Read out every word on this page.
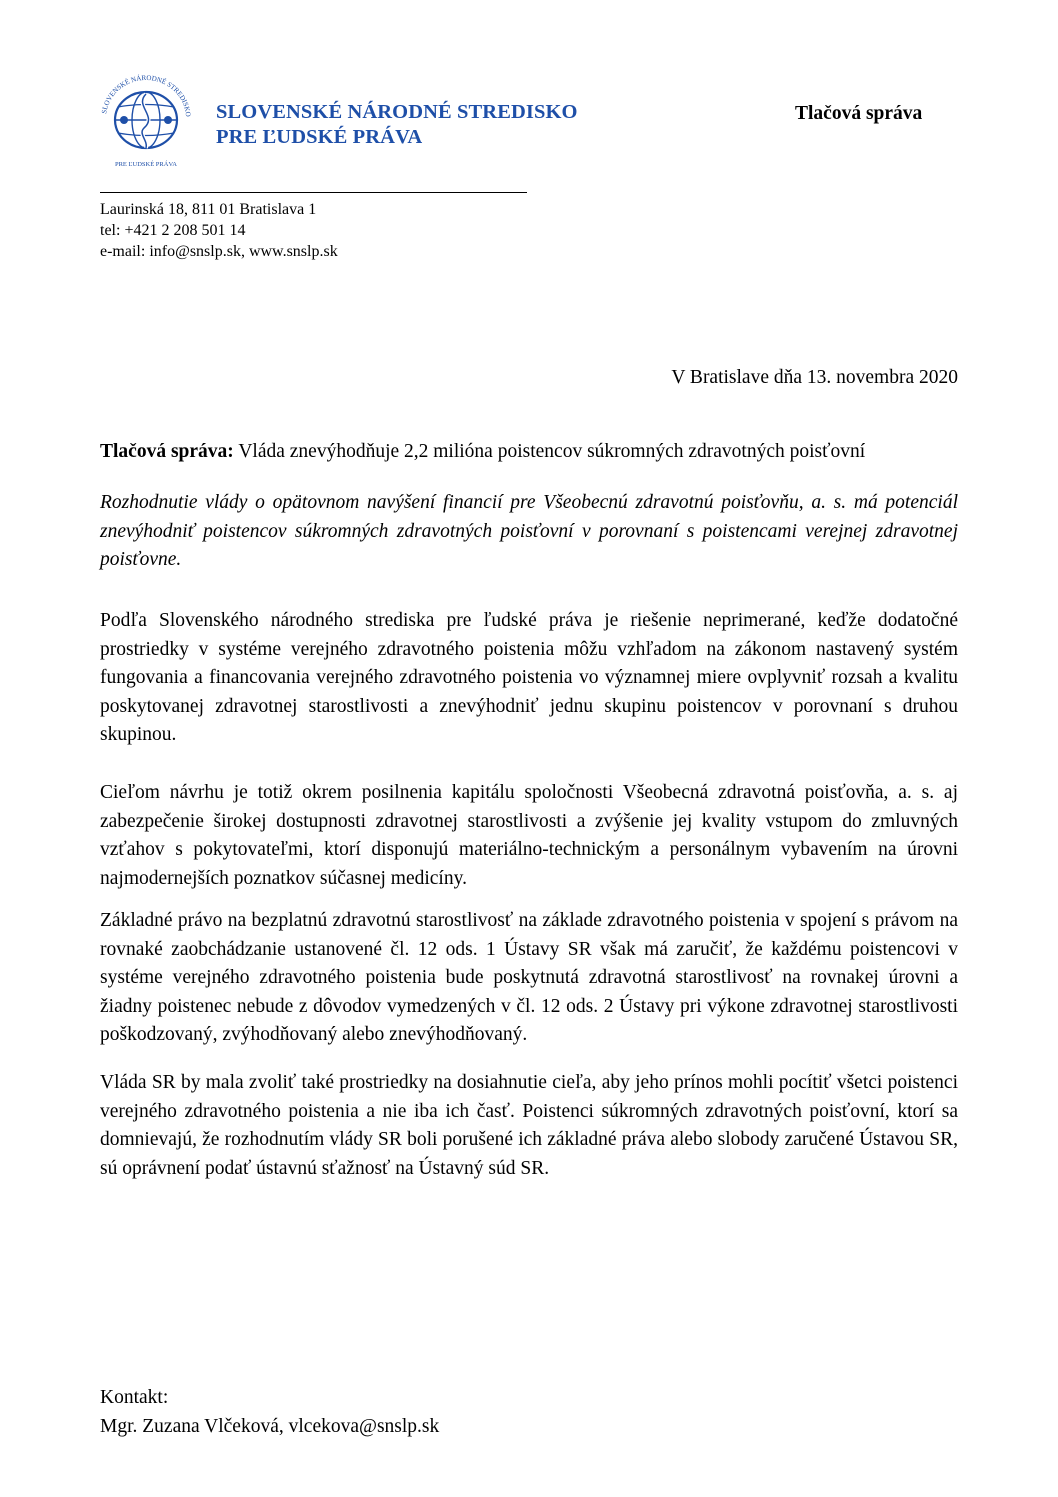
SLOVENSKÉ NÁRODNÉ STREDISKO
PRE ĽUDSKÉ PRÁVA
SLOVENSKÉ NÁRODNÉ STREDISKO
PRE ĽUDSKÉ PRÁVA
Tlačová správa
Laurinská 18, 811 01 Bratislava 1
tel: +421 2 208 501 14
e-mail: info@snslp.sk, www.snslp.sk
V Bratislave dňa 13. novembra 2020
Tlačová správa: Vláda znevýhodňuje 2,2 milióna poistencov súkromných zdravotných poisťovní
Rozhodnutie vlády o opätovnom navýšení financií pre Všeobecnú zdravotnú poisťovňu, a. s. má potenciál znevýhodniť poistencov súkromných zdravotných poisťovní v porovnaní s poistencami verejnej zdravotnej poisťovne.
Podľa Slovenského národného strediska pre ľudské práva je riešenie neprimerané, keďže dodatočné prostriedky v systéme verejného zdravotného poistenia môžu vzhľadom na zákonom nastavený systém fungovania a financovania verejného zdravotného poistenia vo významnej miere ovplyvniť rozsah a kvalitu poskytovanej zdravotnej starostlivosti a znevýhodniť jednu skupinu poistencov v porovnaní s druhou skupinou.
Cieľom návrhu je totiž okrem posilnenia kapitálu spoločnosti Všeobecná zdravotná poisťovňa, a. s. aj zabezpečenie širokej dostupnosti zdravotnej starostlivosti a zvýšenie jej kvality vstupom do zmluvných vzťahov s pokytovateľmi, ktorí disponujú materiálno-technickým a personálnym vybavením na úrovni najmodernejších poznatkov súčasnej medicíny.
Základné právo na bezplatnú zdravotnú starostlivosť na základe zdravotného poistenia v spojení s právom na rovnaké zaobchádzanie ustanovené čl. 12 ods. 1 Ústavy SR však má zaručiť, že každému poistencovi v systéme verejného zdravotného poistenia bude poskytnutá zdravotná starostlivosť na rovnakej úrovni a žiadny poistenec nebude z dôvodov vymedzených v čl. 12 ods. 2 Ústavy pri výkone zdravotnej starostlivosti poškodzovaný, zvýhodňovaný alebo znevýhodňovaný.
Vláda SR by mala zvoliť také prostriedky na dosiahnutie cieľa, aby jeho prínos mohli pocítiť všetci poistenci verejného zdravotného poistenia a nie iba ich časť. Poistenci súkromných zdravotných poisťovní, ktorí sa domnievajú, že rozhodnutím vlády SR boli porušené ich základné práva alebo slobody zaručené Ústavou SR, sú oprávnení podať ústavnú sťažnosť na Ústavný súd SR.
Kontakt:
Mgr. Zuzana Vlčeková, vlcekova@snslp.sk
